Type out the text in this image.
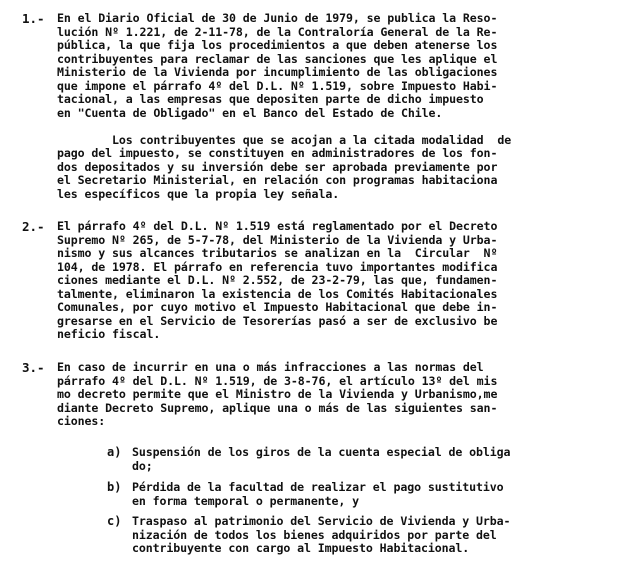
1.- En el Diario Oficial de 30 de Junio de 1979, se publica la Reso-
lución Nº 1.221, de 2-11-78, de la Contraloría General de la Re-
pública, la que fija los procedimientos a que deben atenerse los
contribuyentes para reclamar de las sanciones que les aplique el
Ministerio de la Vivienda por incumplimiento de las obligaciones
que impone el párrafo 4º del D.L. Nº 1.519, sobre Impuesto Habi-
tacional, a las empresas que depositen parte de dicho impuesto
en "Cuenta de Obligado" en el Banco del Estado de Chile.

Los contribuyentes que se acojan a la citada modalidad  de
pago del impuesto, se constituyen en administradores de los fon-
dos depositados y su inversión debe ser aprobada previamente por
el Secretario Ministerial, en relación con programas habitaciona
les específicos que la propia ley señala.
2.- El párrafo 4º del D.L. Nº 1.519 está reglamentado por el Decreto
Supremo Nº 265, de 5-7-78, del Ministerio de la Vivienda y Urba-
nismo y sus alcances tributarios se analizan en la  Circular  Nº
104, de 1978. El párrafo en referencia tuvo importantes modifica
ciones mediante el D.L. Nº 2.552, de 23-2-79, las que, fundamen-
talmente, eliminaron la existencia de los Comités Habitacionales
Comunales, por cuyo motivo el Impuesto Habitacional que debe in-
gresarse en el Servicio de Tesorerías pasó a ser de exclusivo be
neficio fiscal.
3.- En caso de incurrir en una o más infracciones a las normas del
párrafo 4º del D.L. Nº 1.519, de 3-8-76, el artículo 13º del mis
mo decreto permite que el Ministro de la Vivienda y Urbanismo,me
diante Decreto Supremo, aplique una o más de las siguientes san-
ciones:
a) Suspensión de los giros de la cuenta especial de obliga
do;
b) Pérdida de la facultad de realizar el pago sustitutivo
en forma temporal o permanente, y
c) Traspaso al patrimonio del Servicio de Vivienda y Urba-
nización de todos los bienes adquiridos por parte del
contribuyente con cargo al Impuesto Habitacional.
